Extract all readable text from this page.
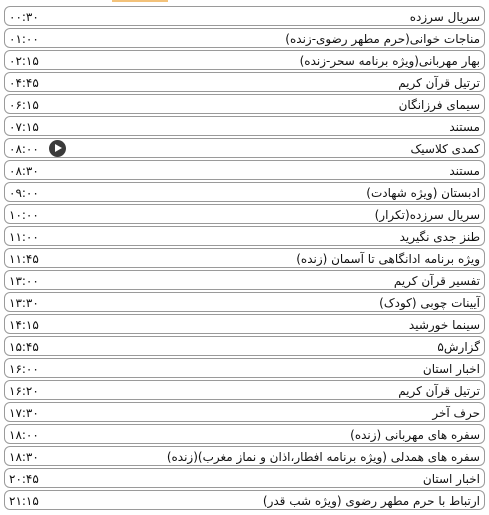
سریال سرزده
۰۰:۳۰
مناجات خوانی(حرم مطهر رضوی-زنده)
۰۱:۰۰
بهار مهربانی(ویژه برنامه سحر-زنده)
۰۲:۱۵
ترتیل قرآن کریم
۰۴:۴۵
سیمای فرزانگان
۰۶:۱۵
مستند
۰۷:۱۵
کمدی کلاسیک
۰۸:۰۰
مستند
۰۸:۳۰
ادبستان (ویژه شهادت)
۰۹:۰۰
سریال سرزده(تکرار)
۱۰:۰۰
طنز جدی نگیرید
۱۱:۰۰
ویژه برنامه ادانگاهی تا آسمان (زنده)
۱۱:۴۵
تفسیر قرآن کریم
۱۳:۰۰
آیینات چوبی (کودک)
۱۳:۳۰
سینما خورشید
۱۴:۱۵
گزارش۵
۱۵:۴۵
اخبار استان
۱۶:۰۰
ترتیل قرآن کریم
۱۶:۲۰
حرف آخر
۱۷:۳۰
سفره های مهربانی (زنده)
۱۸:۰۰
سفره های همدلی (ویژه برنامه افطار،اذان و نماز مغرب)(زنده)
۱۸:۳۰
اخبار استان
۲۰:۴۵
ارتباط با حرم مطهر رضوی (ویژه شب قدر)
۲۱:۱۵
